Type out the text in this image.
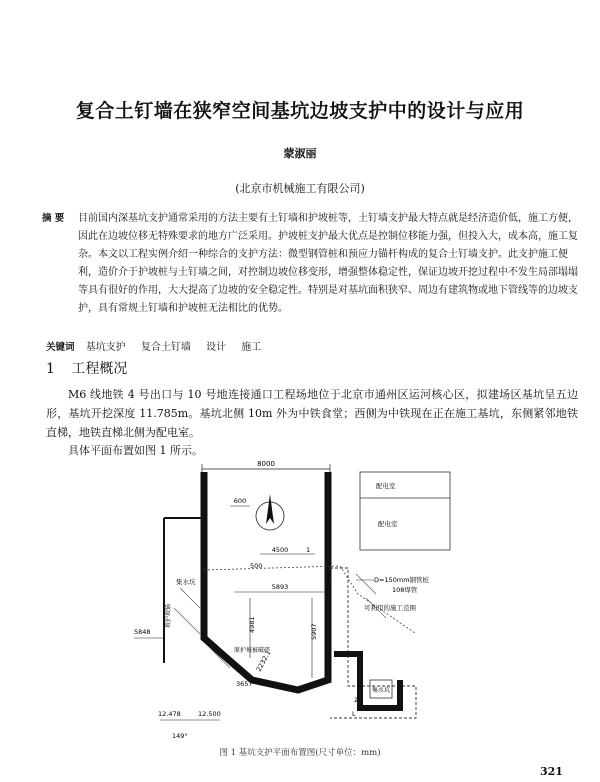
复合土钉墙在狭窄空间基坑边坡支护中的设计与应用
蒙淑丽
(北京市机械施工有限公司)
摘 要 目前国内深基坑支护通常采用的方法主要有土钉墙和护坡桩等，土钉墙支护最大特点就是经济造价低，施工方便，因此在边坡位移无特殊要求的地方广泛采用。护坡桩支护最大优点是控制位移能力强，但投入大，成本高，施工复杂。本文以工程实例介绍一种综合的支护方法：微型钢管桩和预应力锚杆构成的复合土钉墙支护。此支护施工便利，造价介于护坡桩与土钉墙之间，对控制边坡位移变形，增强整体稳定性，保证边坡开挖过程中不发生局部塌塌等具有很好的作用，大大提高了边坡的安全稳定性。特别是对基坑面积狭窄、周边有建筑物或地下管线等的边坡支护，具有常规土钉墙和护坡桩无法相比的优势。
关键词 基坑支护 复合土钉墙 设计 施工
1 工程概况

M6 线地铁 4 号出口与 10 号地连接通口工程场地位于北京市通州区运河核心区，拟建场区基坑呈五边形，基坑开挖深度 11.785m。基坑北侧 10m 外为中铁食堂；西侧为中铁现在正在施工基坑，东侧紧邻地铁直梯，地铁直梯北侧为配电室。

具体平面布置如图 1 所示。

8000
600
4500	1
1
500
5893
4981	5907
5848
集水坑
坡护坡锚
配电室
配电室
D=150mm钢管桩
108焊管
可利用的施工范围
集水坑
原护坡被破碎
2232.1
3657
2
L
12.478	12.500
149°
图 1 基坑支护平面布置图(尺寸单位：mm)
321
